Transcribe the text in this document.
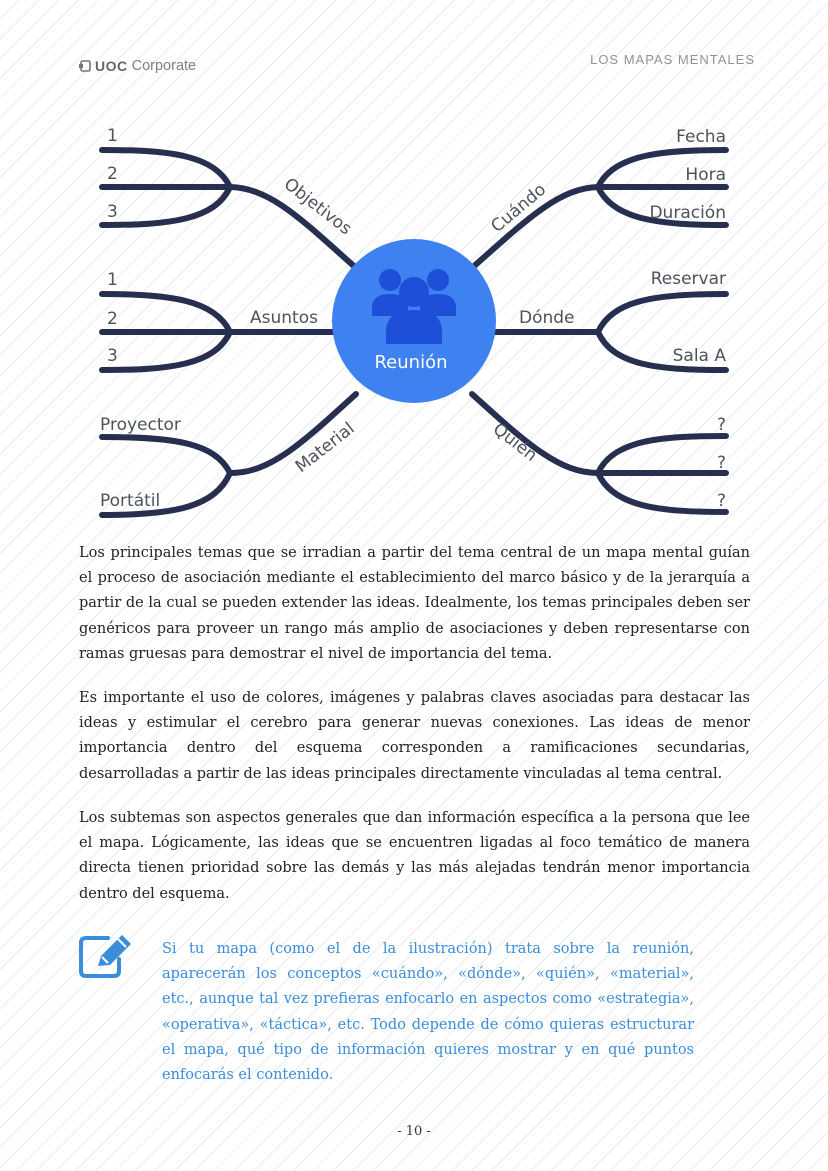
UOC Corporate	LOS MAPAS MENTALES
Reunión
Objetivos
Asuntos
Material
Cuándo
Dónde
Quién
1
2
3
1
2
3
Proyector
Portátil
Fecha
Hora
Duración
Reservar
Sala A
?
?
?

Los principales temas que se irradian a partir del tema central de un mapa mental guían el proceso de asociación mediante el establecimiento del marco básico y de la jerarquía a partir de la cual se pueden extender las ideas. Idealmente, los temas principales deben ser genéricos para proveer un rango más amplio de asociaciones y deben representarse con ramas gruesas para demostrar el nivel de importancia del tema.

Es importante el uso de colores, imágenes y palabras claves asociadas para destacar las ideas y estimular el cerebro para generar nuevas conexiones. Las ideas de menor importancia dentro del esquema corresponden a ramificaciones secundarias, desarrolladas a partir de las ideas principales directamente vinculadas al tema central.

Los subtemas son aspectos generales que dan información específica a la persona que lee el mapa. Lógicamente, las ideas que se encuentren ligadas al foco temático de manera directa tienen prioridad sobre las demás y las más alejadas tendrán menor importancia dentro del esquema.

Si tu mapa (como el de la ilustración) trata sobre la reunión, aparecerán los conceptos «cuándo», «dónde», «quién», «material», etc., aunque tal vez prefieras enfocarlo en aspectos como «estrategia», «operativa», «táctica», etc. Todo depende de cómo quieras estructurar el mapa, qué tipo de información quieres mostrar y en qué puntos enfocarás el contenido.

- 10 -
